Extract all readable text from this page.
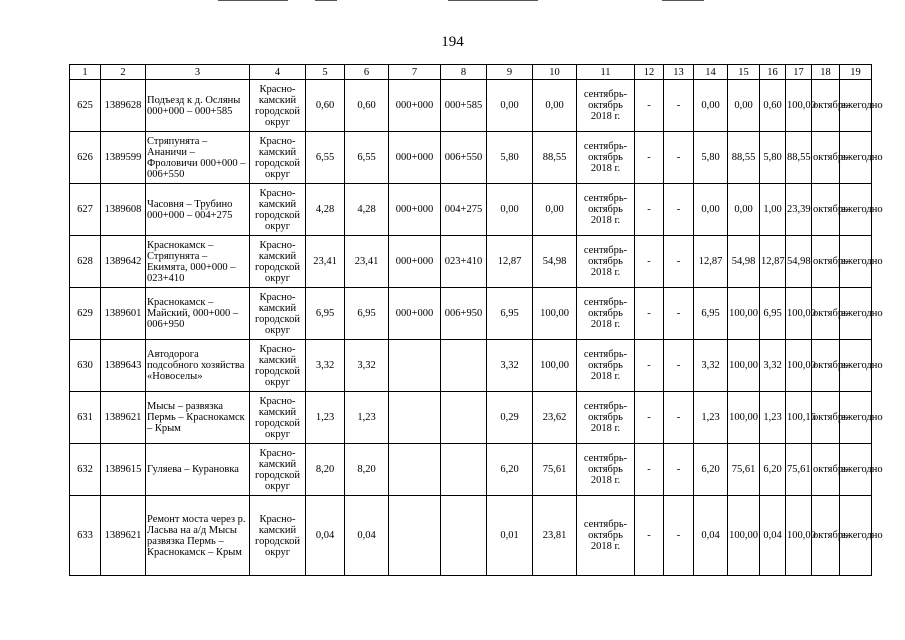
194
1	2	3	4	5	6	7	8	9	10	11	12	13	14	15	16	17	18	19
625	1389628	Подъезд к д. Осляны 000+000 – 000+585	Красно-камский городской округ	0,60	0,60	000+000	000+585	0,00	0,00	сентябрь-октябрь 2018 г.	-	-	0,00	0,00	0,60	100,00	октябрь	ежегодно
626	1389599	Стряпунята – Ананичи – Фроловичи 000+000 – 006+550	Красно-камский городской округ	6,55	6,55	000+000	006+550	5,80	88,55	сентябрь-октябрь 2018 г.	-	-	5,80	88,55	5,80	88,55	октябрь	ежегодно
627	1389608	Часовня – Трубино 000+000 – 004+275	Красно-камский городской округ	4,28	4,28	000+000	004+275	0,00	0,00	сентябрь-октябрь 2018 г.	-	-	0,00	0,00	1,00	23,39	октябрь	ежегодно
628	1389642	Краснокамск – Стряпунята – Екимята, 000+000 – 023+410	Красно-камский городской округ	23,41	23,41	000+000	023+410	12,87	54,98	сентябрь-октябрь 2018 г.	-	-	12,87	54,98	12,87	54,98	октябрь	ежегодно
629	1389601	Краснокамск – Майский, 000+000 – 006+950	Красно-камский городской округ	6,95	6,95	000+000	006+950	6,95	100,00	сентябрь-октябрь 2018 г.	-	-	6,95	100,00	6,95	100,00	октябрь	ежегодно
630	1389643	Автодорога подсобного хозяйства «Новоселы»	Красно-камский городской округ	3,32	3,32			3,32	100,00	сентябрь-октябрь 2018 г.	-	-	3,32	100,00	3,32	100,00	октябрь	ежегодно
631	1389621	Мысы – развязка Пермь – Краснокамск – Крым	Красно-камский городской округ	1,23	1,23			0,29	23,62	сентябрь-октябрь 2018 г.	-	-	1,23	100,00	1,23	100,16	октябрь	ежегодно
632	1389615	Гуляева – Курановка	Красно-камский городской округ	8,20	8,20			6,20	75,61	сентябрь-октябрь 2018 г.	-	-	6,20	75,61	6,20	75,61	октябрь	ежегодно
633	1389621	Ремонт моста через р. Ласьва на а/д Мысы развязка Пермь – Краснокамск – Крым	Красно-камский городской округ	0,04	0,04			0,01	23,81	сентябрь-октябрь 2018 г.	-	-	0,04	100,00	0,04	100,00	октябрь	ежегодно
